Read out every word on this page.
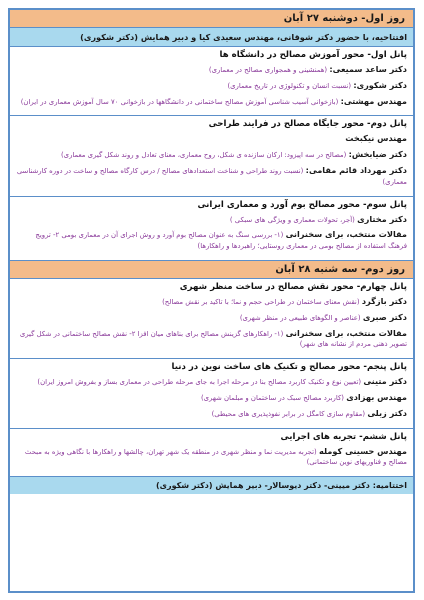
روز اول- دوشنبه ۲۷ آبان
افتتاحیه، با حضور دکتر شوقانی، مهندس سعیدی کیا و دبیر همایش (دکتر شکوری)
پانل اول- محور آموزش مصالح در دانشگاه ها
دکتر ساعد سمیعی: (همنشینی و همجواری مصالح در معماری)
دکتر شکوری: (نسبت انسان و تکنولوژی در تاریخ معماری)
مهندس مهشتی: (بازخوانی آسیب شناسی آموزش مصالح ساختمانی در دانشگاهها در بازخوانی ۷۰ سال آموزش معماری در ایران)
پانل دوم- محور جایگاه مصالح در فرایند طراحی
مهندس نیکبخت
دکتر ضیابخش: (مصالح در سه اپیزود: ارکان سازنده ی شکل، روح معماری، معنای تعادل و روند شکل گیری معماری)
دکتر مهرداد قائم مقامی: (نسبت روند طراحی و شناخت استعدادهای مصالح / درس کارگاه مصالح و ساخت در دوره کارشناسی معماری)
پانل سوم- محور مصالح بوم آورد و معماری ایرانی
دکتر مختاری (آجر، تحولات معماری و ویژگی های سبکی )
مقالات منتخب، برای سخنرانی (۱- بررسی سنگ به عنوان مصالح بوم آورد و روش اجرای آن در معماری بومی ۲- ترویج فرهنگ استفاده از مصالح بومی در معماری روستایی؛ راهبردها و راهکارها)
روز دوم- سه شنبه ۲۸ آبان
پانل چهارم- محور نقش مصالح در ساخت منظر شهری
دکتر بازگرد (نقش معنای ساختمان در طراحی حجم و نما؛ با تاکید بر نقش مصالح)
دکتر صبری (عناصر و الگوهای طبیعی در منظر شهری)
مقالات منتخب، برای سخنرانی (۱- راهکارهای گزینش مصالح برای بناهای میان افزا ۲- نقش مصالح ساختمانی در شکل گیری تصویر ذهنی مردم از نشانه های شهر)
پانل پنجم- محور مصالح و تکنیک های ساخت نوین در دنیا
دکتر متینی (تعیین نوع و تکنیک کاربرد مصالح بنا در مرحله اجرا به جای مرحله طراحی در معماری بساز و بفروش امروز ایران)
مهندس بهزادی (کاربرد مصالح سبک در ساختمان و مبلمان شهری)
دکتر زبلی (مقاوم سازی کامگل در برابر نفوذپذیری های محیطی)
پانل ششم- تجربه های اجرایی
مهندس حسینی کومله (تجربه مدیریت نما و منظر شهری در منطقه یک شهر تهران، چالشها و راهکارها با نگاهی ویژه به مبحث مصالح و فناوریهای نوین ساختمانی)
اختتامیه: دکتر میینی- دکتر دیوسالار- دبیر همایش (دکتر شکوری)
